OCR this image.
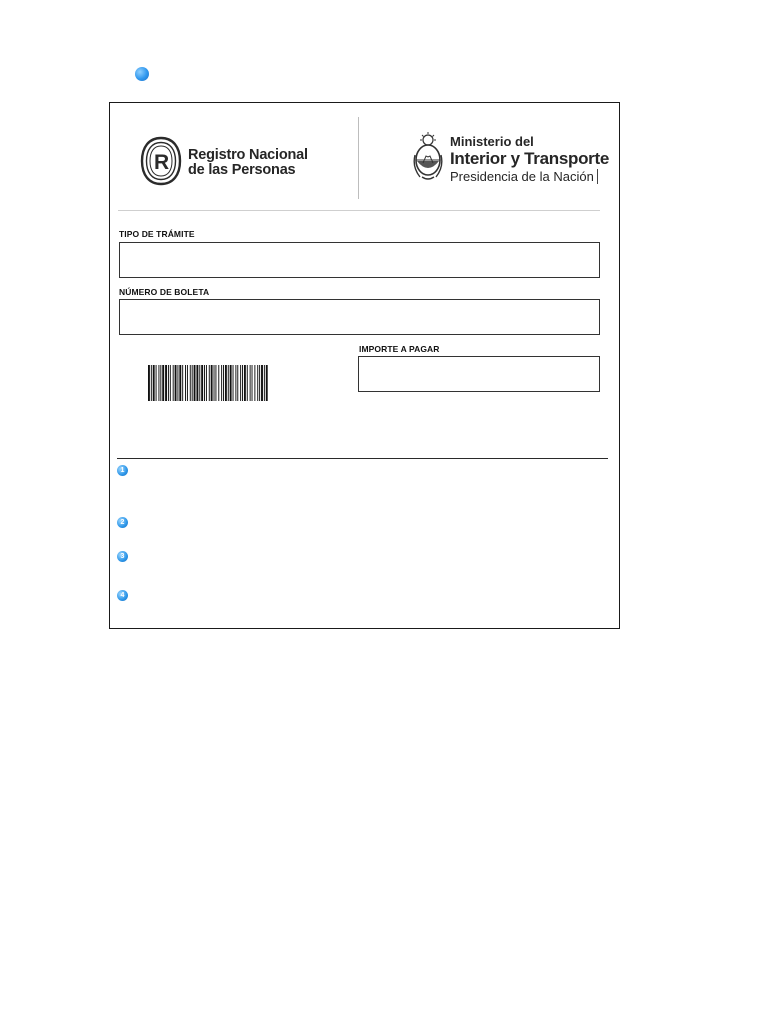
R Registro Nacional
de las Personas
Ministerio del
Interior y Transporte
Presidencia de la Nación
TIPO DE TRÁMITE
NÚMERO DE BOLETA
IMPORTE A PAGAR
1
2
3
4
